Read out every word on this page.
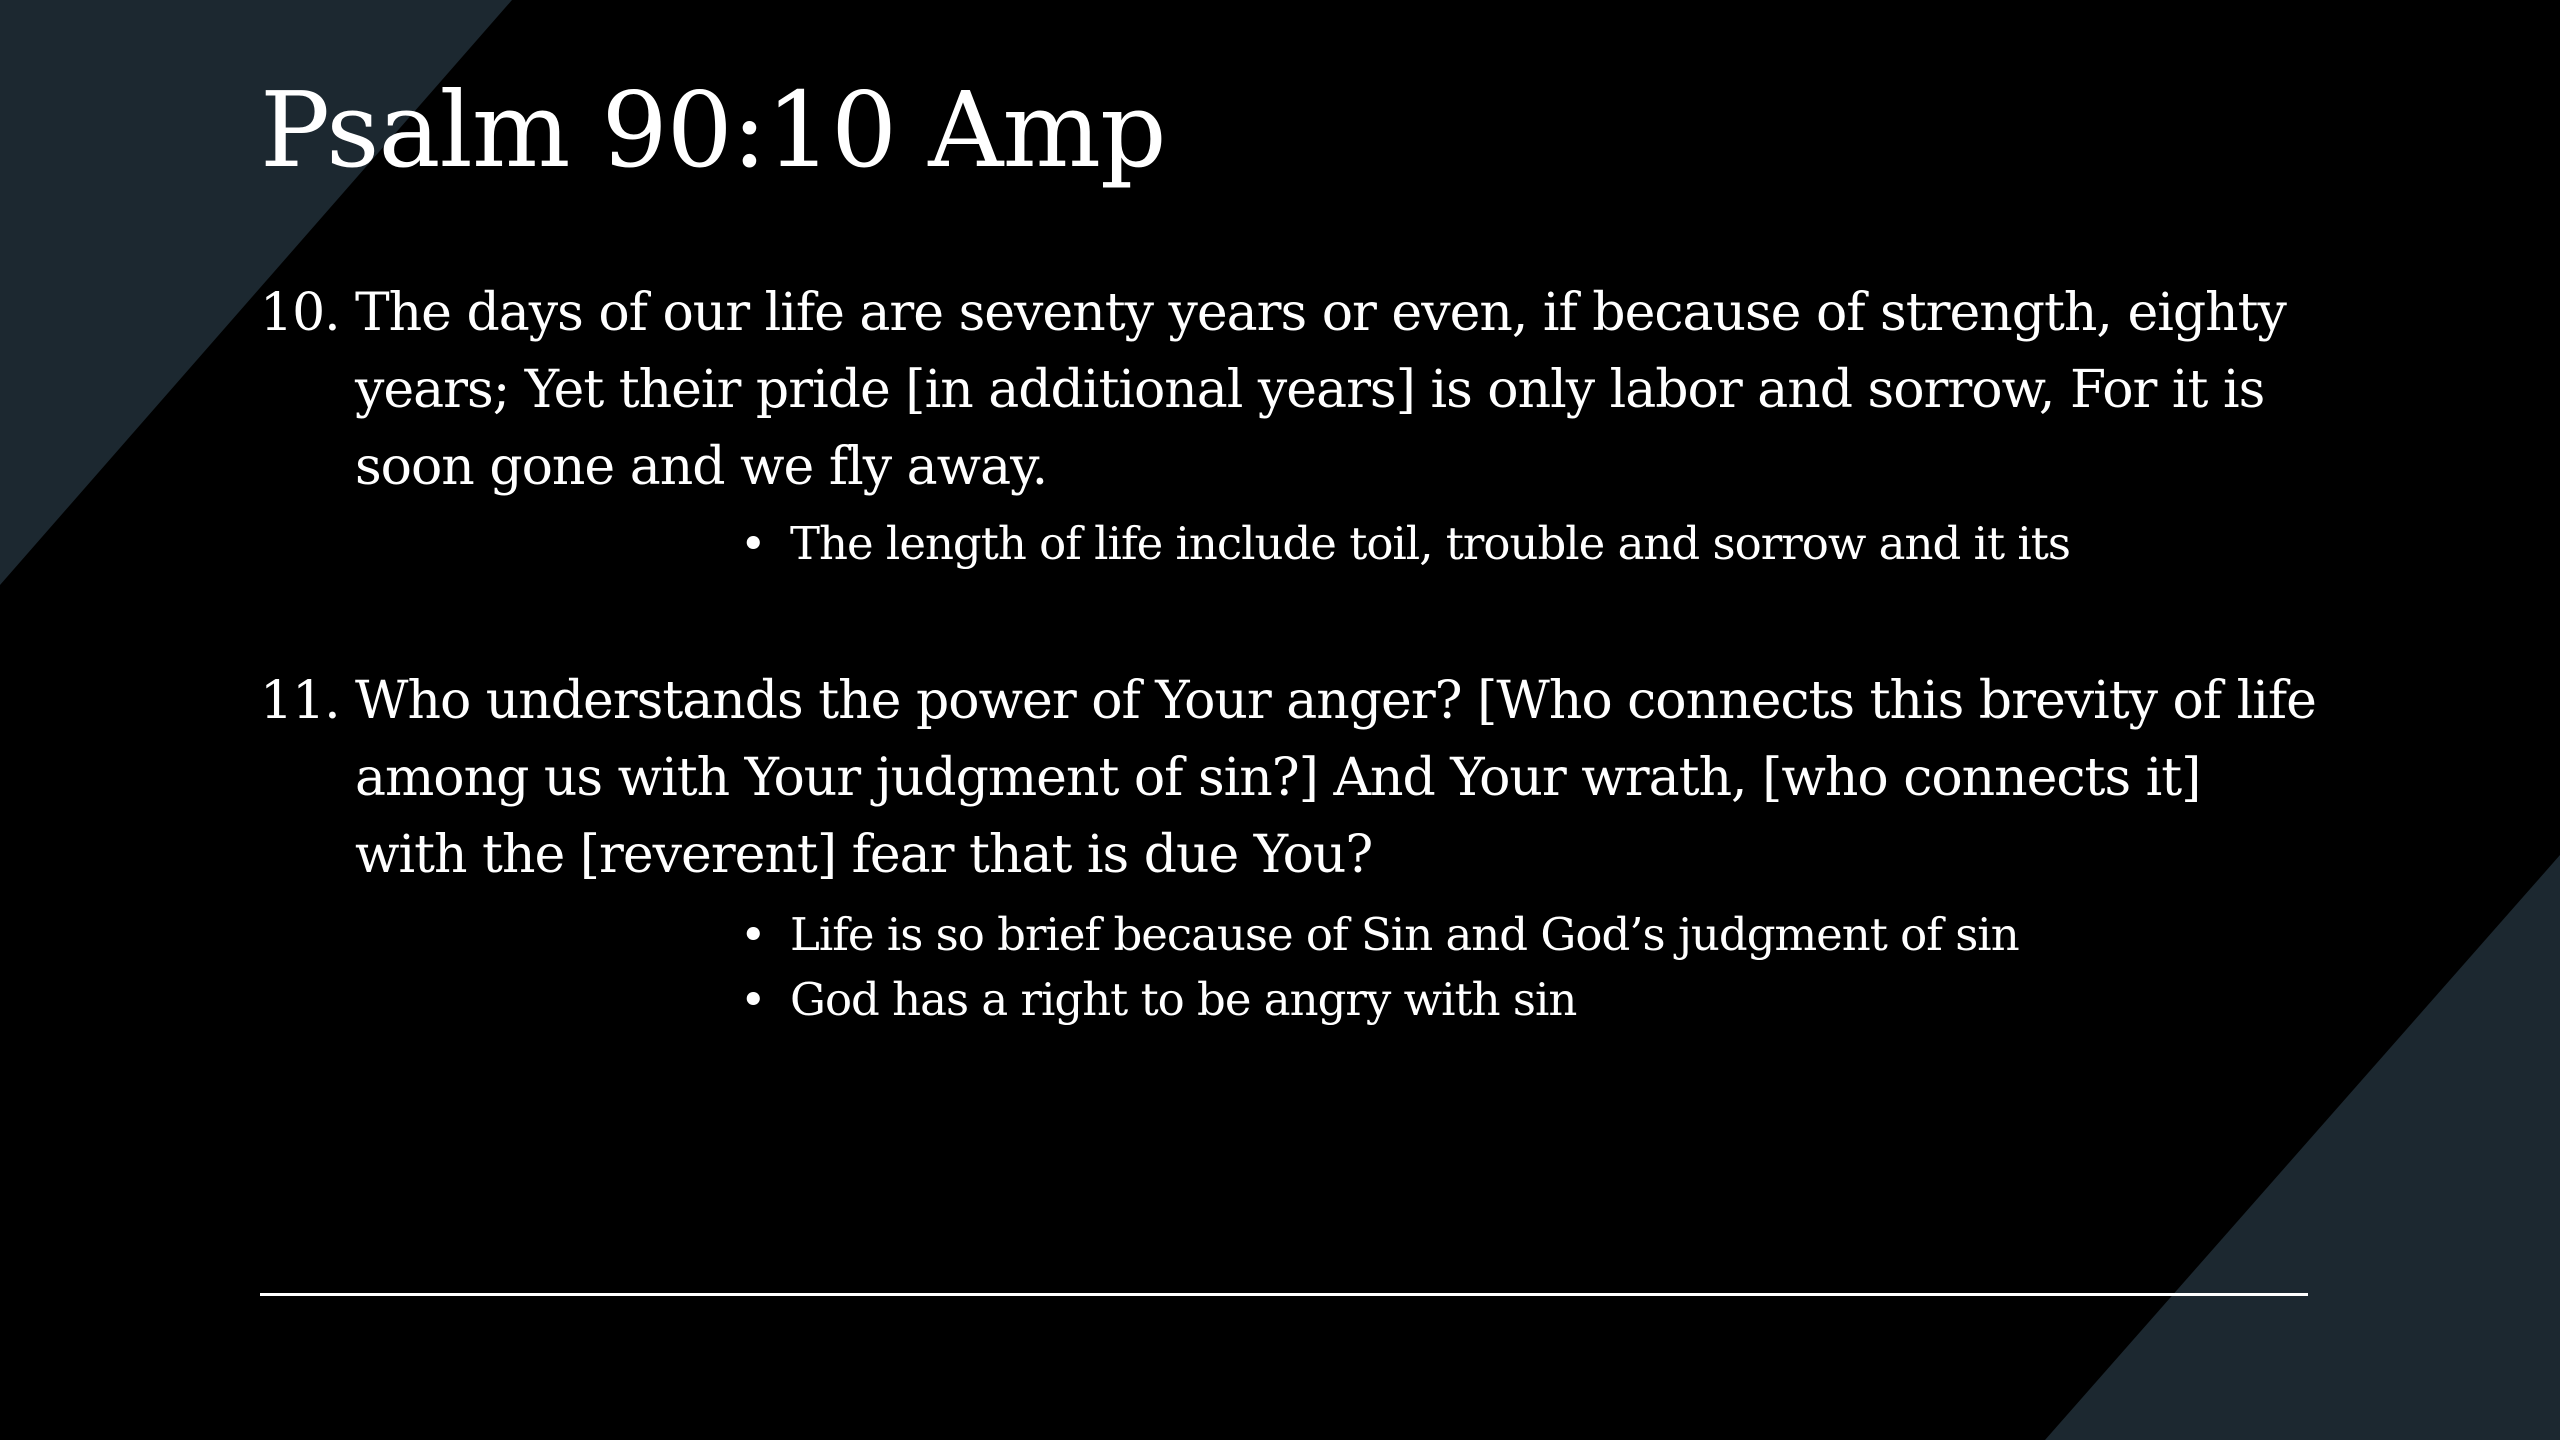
Psalm 90:10 Amp
10. The days of our life are seventy years or even, if because of strength, eighty years; Yet their pride [in additional years] is only labor and sorrow, For it is soon gone and we fly away.
• The length of life include toil, trouble and sorrow and it its
11. Who understands the power of Your anger? [Who connects this brevity of life among us with Your judgment of sin?] And Your wrath, [who connects it] with the [reverent] fear that is due You?
• Life is so brief because of Sin and God’s judgment of sin
• God has a right to be angry with sin
